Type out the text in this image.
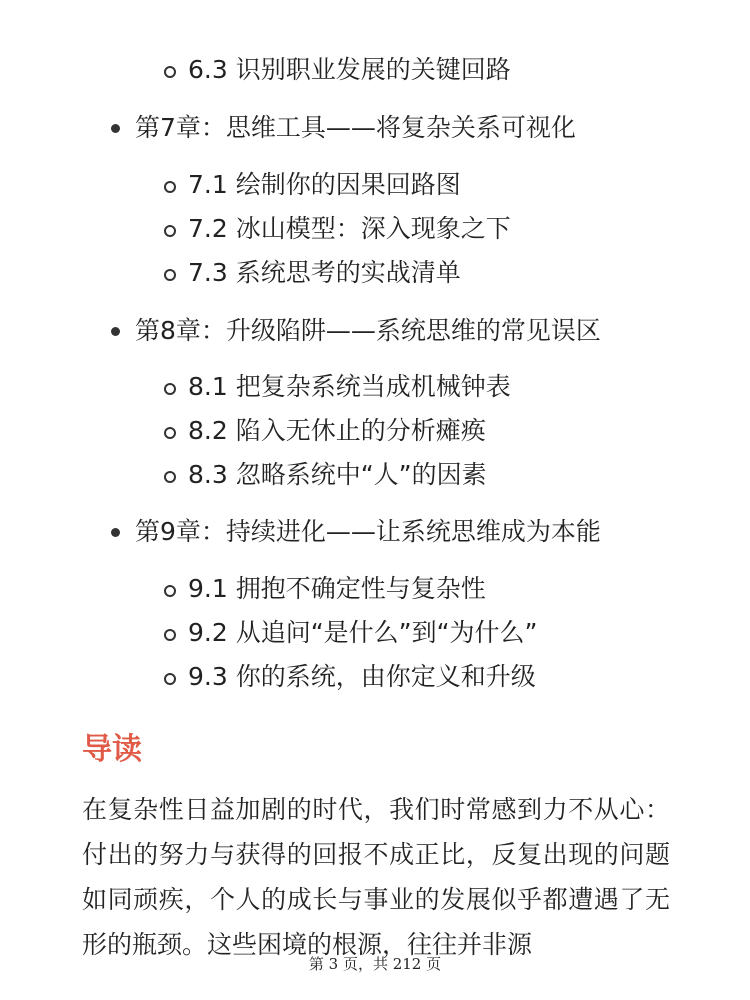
6.3 识别职业发展的关键回路
第7章：思维工具——将复杂关系可视化
7.1 绘制你的因果回路图
7.2 冰山模型：深入现象之下
7.3 系统思考的实战清单
第8章：升级陷阱——系统思维的常见误区
8.1 把复杂系统当成机械钟表
8.2 陷入无休止的分析瘫痪
8.3 忽略系统中“人”的因素
第9章：持续进化——让系统思维成为本能
9.1 拥抱不确定性与复杂性
9.2 从追问“是什么”到“为什么”
9.3 你的系统，由你定义和升级
导读

在复杂性日益加剧的时代，我们时常感到力不从心：付出的努力与获得的回报不成正比，反复出现的问题如同顽疾，个人的成长与事业的发展似乎都遭遇了无形的瓶颈。这些困境的根源，往往并非源

第 3 页，共 212 页
